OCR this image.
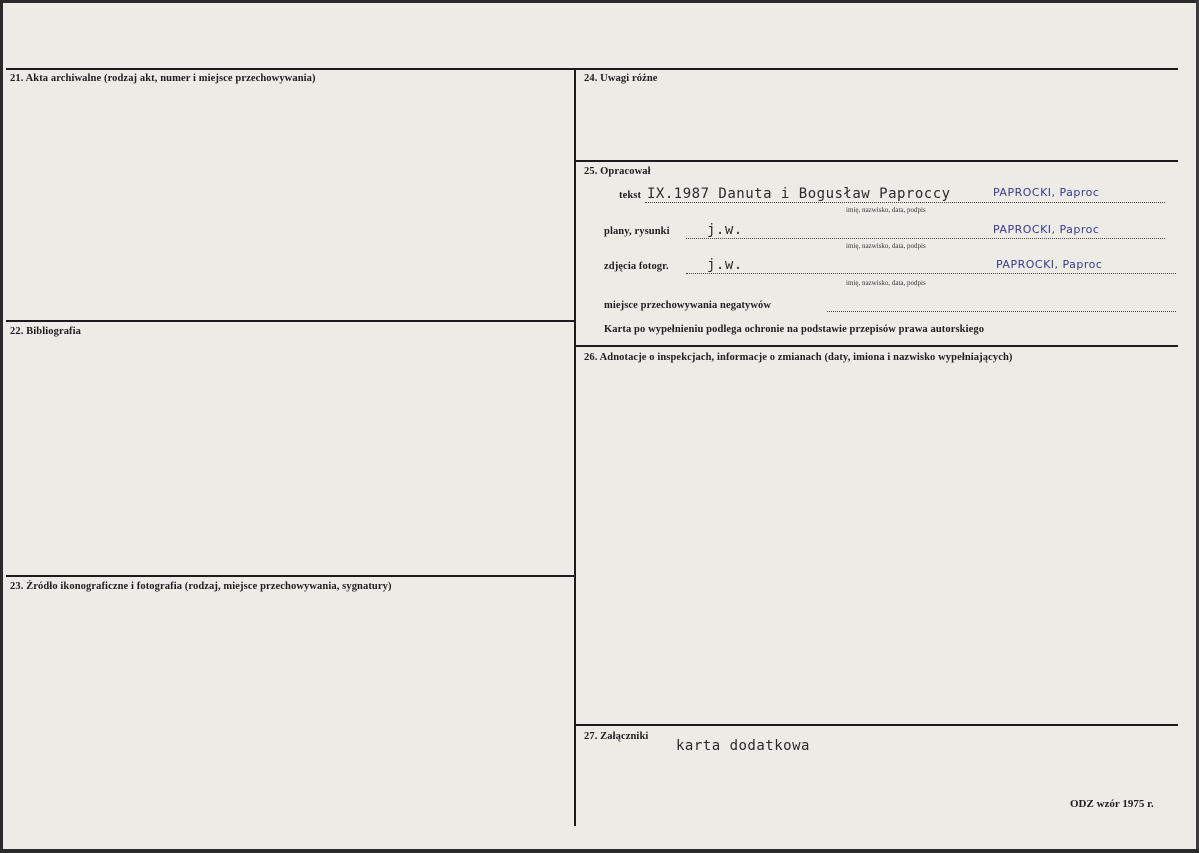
21. Akta archiwalne (rodzaj akt, numer i miejsce przechowywania)
22. Bibliografia
23. Źródło ikonograficzne i fotografia (rodzaj, miejsce przechowywania, sygnatury)
24. Uwagi różne
25. Opracował
tekst IX.1987 Danuta i Bogusław Paproccy	PAPROCKI, Paproc
imię, nazwisko, data, podpis
plany, rysunki	j.w.	PAPROCKI, Paproc
imię, nazwisko, data, podpis
zdjęcia fotogr.	j.w.	PAPROCKI, Paproc
imię, nazwisko, data, podpis
miejsce przechowywania negatywów
Karta po wypełnieniu podlega ochronie na podstawie przepisów prawa autorskiego
26. Adnotacje o inspekcjach, informacje o zmianach (daty, imiona i nazwisko wypełniających)
27. Załączniki
karta dodatkowa
ODZ wzór 1975 r.
